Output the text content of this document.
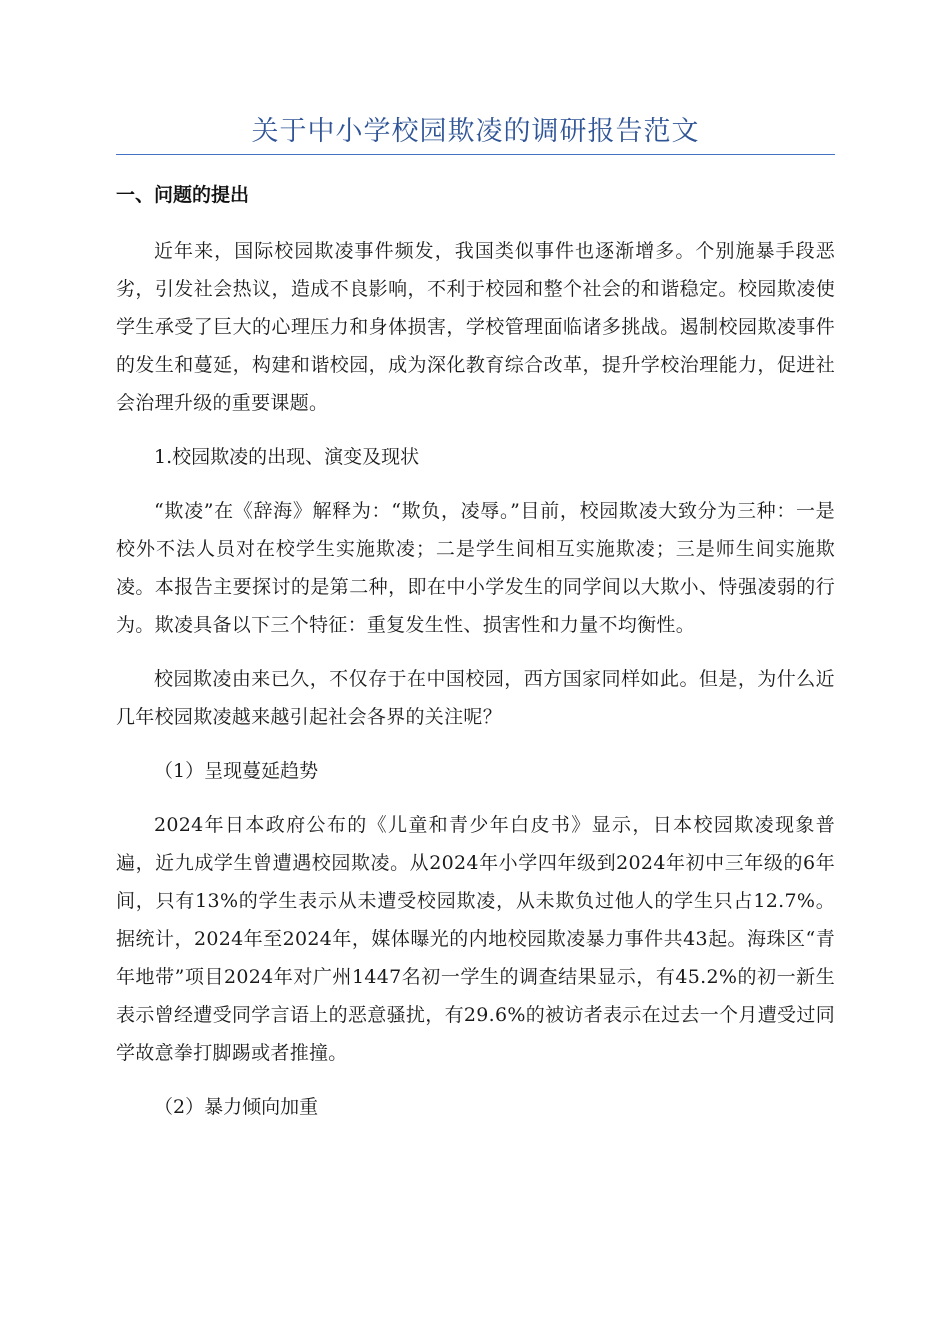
关于中小学校园欺凌的调研报告范文
一、问题的提出

近年来，国际校园欺凌事件频发，我国类似事件也逐渐增多。个别施暴手段恶劣，引发社会热议，造成不良影响，不利于校园和整个社会的和谐稳定。校园欺凌使学生承受了巨大的心理压力和身体损害，学校管理面临诸多挑战。遏制校园欺凌事件的发生和蔓延，构建和谐校园，成为深化教育综合改革，提升学校治理能力，促进社会治理升级的重要课题。

1.校园欺凌的出现、演变及现状

“欺凌”在《辞海》解释为：“欺负，凌辱。”目前，校园欺凌大致分为三种：一是校外不法人员对在校学生实施欺凌；二是学生间相互实施欺凌；三是师生间实施欺凌。本报告主要探讨的是第二种，即在中小学发生的同学间以大欺小、恃强凌弱的行为。欺凌具备以下三个特征：重复发生性、损害性和力量不均衡性。

校园欺凌由来已久，不仅存于在中国校园，西方国家同样如此。但是，为什么近几年校园欺凌越来越引起社会各界的关注呢？

（1）呈现蔓延趋势

2024年日本政府公布的《儿童和青少年白皮书》显示，日本校园欺凌现象普遍，近九成学生曾遭遇校园欺凌。从2024年小学四年级到2024年初中三年级的6年间，只有13%的学生表示从未遭受校园欺凌，从未欺负过他人的学生只占12.7%。据统计，2024年至2024年，媒体曝光的内地校园欺凌暴力事件共43起。海珠区“青年地带”项目2024年对广州1447名初一学生的调查结果显示，有45.2%的初一新生表示曾经遭受同学言语上的恶意骚扰，有29.6%的被访者表示在过去一个月遭受过同学故意拳打脚踢或者推撞。

（2）暴力倾向加重
